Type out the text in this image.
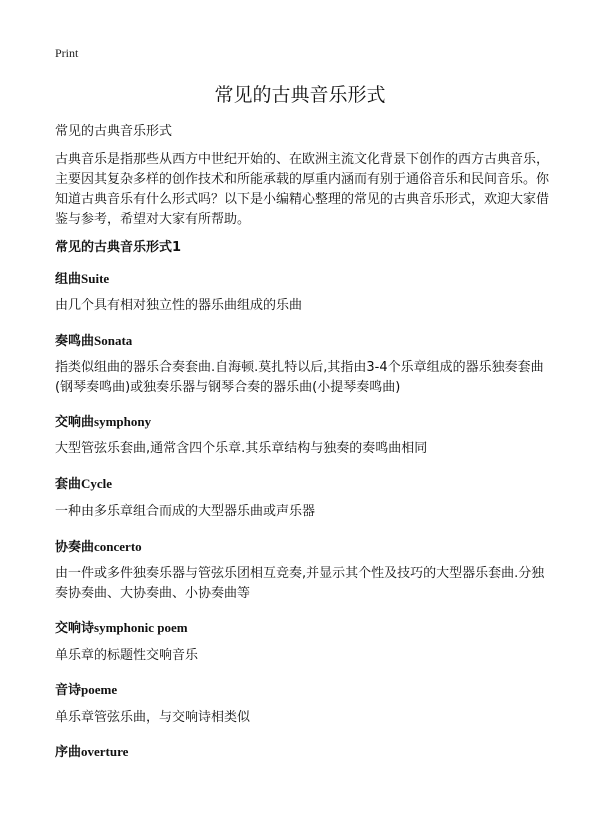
Print
常见的古典音乐形式
常见的古典音乐形式
古典音乐是指那些从西方中世纪开始的、在欧洲主流文化背景下创作的西方古典音乐，主要因其复杂多样的创作技术和所能承载的厚重内涵而有别于通俗音乐和民间音乐。你知道古典音乐有什么形式吗？以下是小编精心整理的常见的古典音乐形式，欢迎大家借鉴与参考，希望对大家有所帮助。
常见的古典音乐形式1
组曲Suite
由几个具有相对独立性的器乐曲组成的乐曲
奏鸣曲Sonata
指类似组曲的器乐合奏套曲.自海顿.莫扎特以后,其指由3-4个乐章组成的器乐独奏套曲(钢琴奏鸣曲)或独奏乐器与钢琴合奏的器乐曲(小提琴奏鸣曲)
交响曲symphony
大型管弦乐套曲,通常含四个乐章.其乐章结构与独奏的奏鸣曲相同
套曲Cycle
一种由多乐章组合而成的大型器乐曲或声乐器
协奏曲concerto
由一件或多件独奏乐器与管弦乐团相互竞奏,并显示其个性及技巧的大型器乐套曲.分独奏协奏曲、大协奏曲、小协奏曲等
交响诗symphonic poem
单乐章的标题性交响音乐
音诗poeme
单乐章管弦乐曲，与交响诗相类似
序曲overture
